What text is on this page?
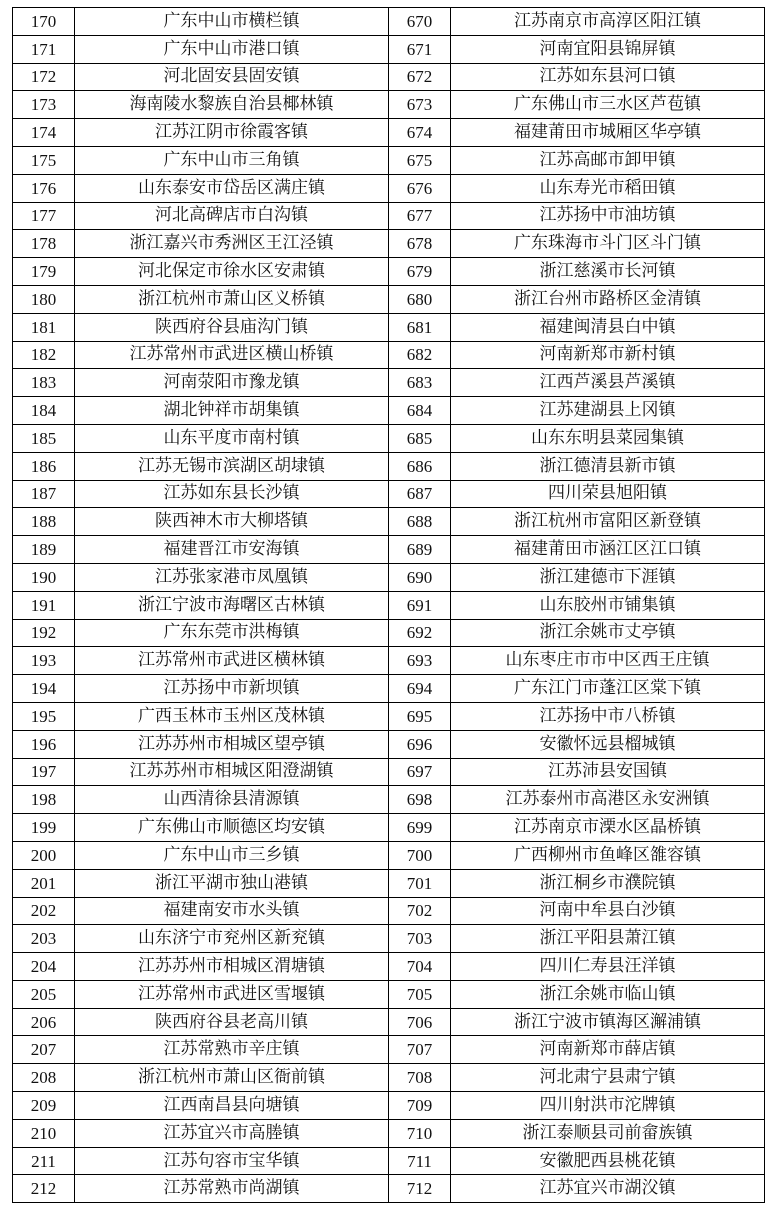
170	广东中山市横栏镇	670	江苏南京市高淳区阳江镇
171	广东中山市港口镇	671	河南宜阳县锦屏镇
172	河北固安县固安镇	672	江苏如东县河口镇
173	海南陵水黎族自治县椰林镇	673	广东佛山市三水区芦苞镇
174	江苏江阴市徐霞客镇	674	福建莆田市城厢区华亭镇
175	广东中山市三角镇	675	江苏高邮市卸甲镇
176	山东泰安市岱岳区满庄镇	676	山东寿光市稻田镇
177	河北高碑店市白沟镇	677	江苏扬中市油坊镇
178	浙江嘉兴市秀洲区王江泾镇	678	广东珠海市斗门区斗门镇
179	河北保定市徐水区安肃镇	679	浙江慈溪市长河镇
180	浙江杭州市萧山区义桥镇	680	浙江台州市路桥区金清镇
181	陕西府谷县庙沟门镇	681	福建闽清县白中镇
182	江苏常州市武进区横山桥镇	682	河南新郑市新村镇
183	河南荥阳市豫龙镇	683	江西芦溪县芦溪镇
184	湖北钟祥市胡集镇	684	江苏建湖县上冈镇
185	山东平度市南村镇	685	山东东明县菜园集镇
186	江苏无锡市滨湖区胡埭镇	686	浙江德清县新市镇
187	江苏如东县长沙镇	687	四川荣县旭阳镇
188	陕西神木市大柳塔镇	688	浙江杭州市富阳区新登镇
189	福建晋江市安海镇	689	福建莆田市涵江区江口镇
190	江苏张家港市凤凰镇	690	浙江建德市下涯镇
191	浙江宁波市海曙区古林镇	691	山东胶州市铺集镇
192	广东东莞市洪梅镇	692	浙江余姚市丈亭镇
193	江苏常州市武进区横林镇	693	山东枣庄市市中区西王庄镇
194	江苏扬中市新坝镇	694	广东江门市蓬江区棠下镇
195	广西玉林市玉州区茂林镇	695	江苏扬中市八桥镇
196	江苏苏州市相城区望亭镇	696	安徽怀远县榴城镇
197	江苏苏州市相城区阳澄湖镇	697	江苏沛县安国镇
198	山西清徐县清源镇	698	江苏泰州市高港区永安洲镇
199	广东佛山市顺德区均安镇	699	江苏南京市溧水区晶桥镇
200	广东中山市三乡镇	700	广西柳州市鱼峰区雒容镇
201	浙江平湖市独山港镇	701	浙江桐乡市濮院镇
202	福建南安市水头镇	702	河南中牟县白沙镇
203	山东济宁市兖州区新兖镇	703	浙江平阳县萧江镇
204	江苏苏州市相城区渭塘镇	704	四川仁寿县汪洋镇
205	江苏常州市武进区雪堰镇	705	浙江余姚市临山镇
206	陕西府谷县老高川镇	706	浙江宁波市镇海区澥浦镇
207	江苏常熟市辛庄镇	707	河南新郑市薛店镇
208	浙江杭州市萧山区衙前镇	708	河北肃宁县肃宁镇
209	江西南昌县向塘镇	709	四川射洪市沱牌镇
210	江苏宜兴市高塍镇	710	浙江泰顺县司前畲族镇
211	江苏句容市宝华镇	711	安徽肥西县桃花镇
212	江苏常熟市尚湖镇	712	江苏宜兴市湖㳇镇
